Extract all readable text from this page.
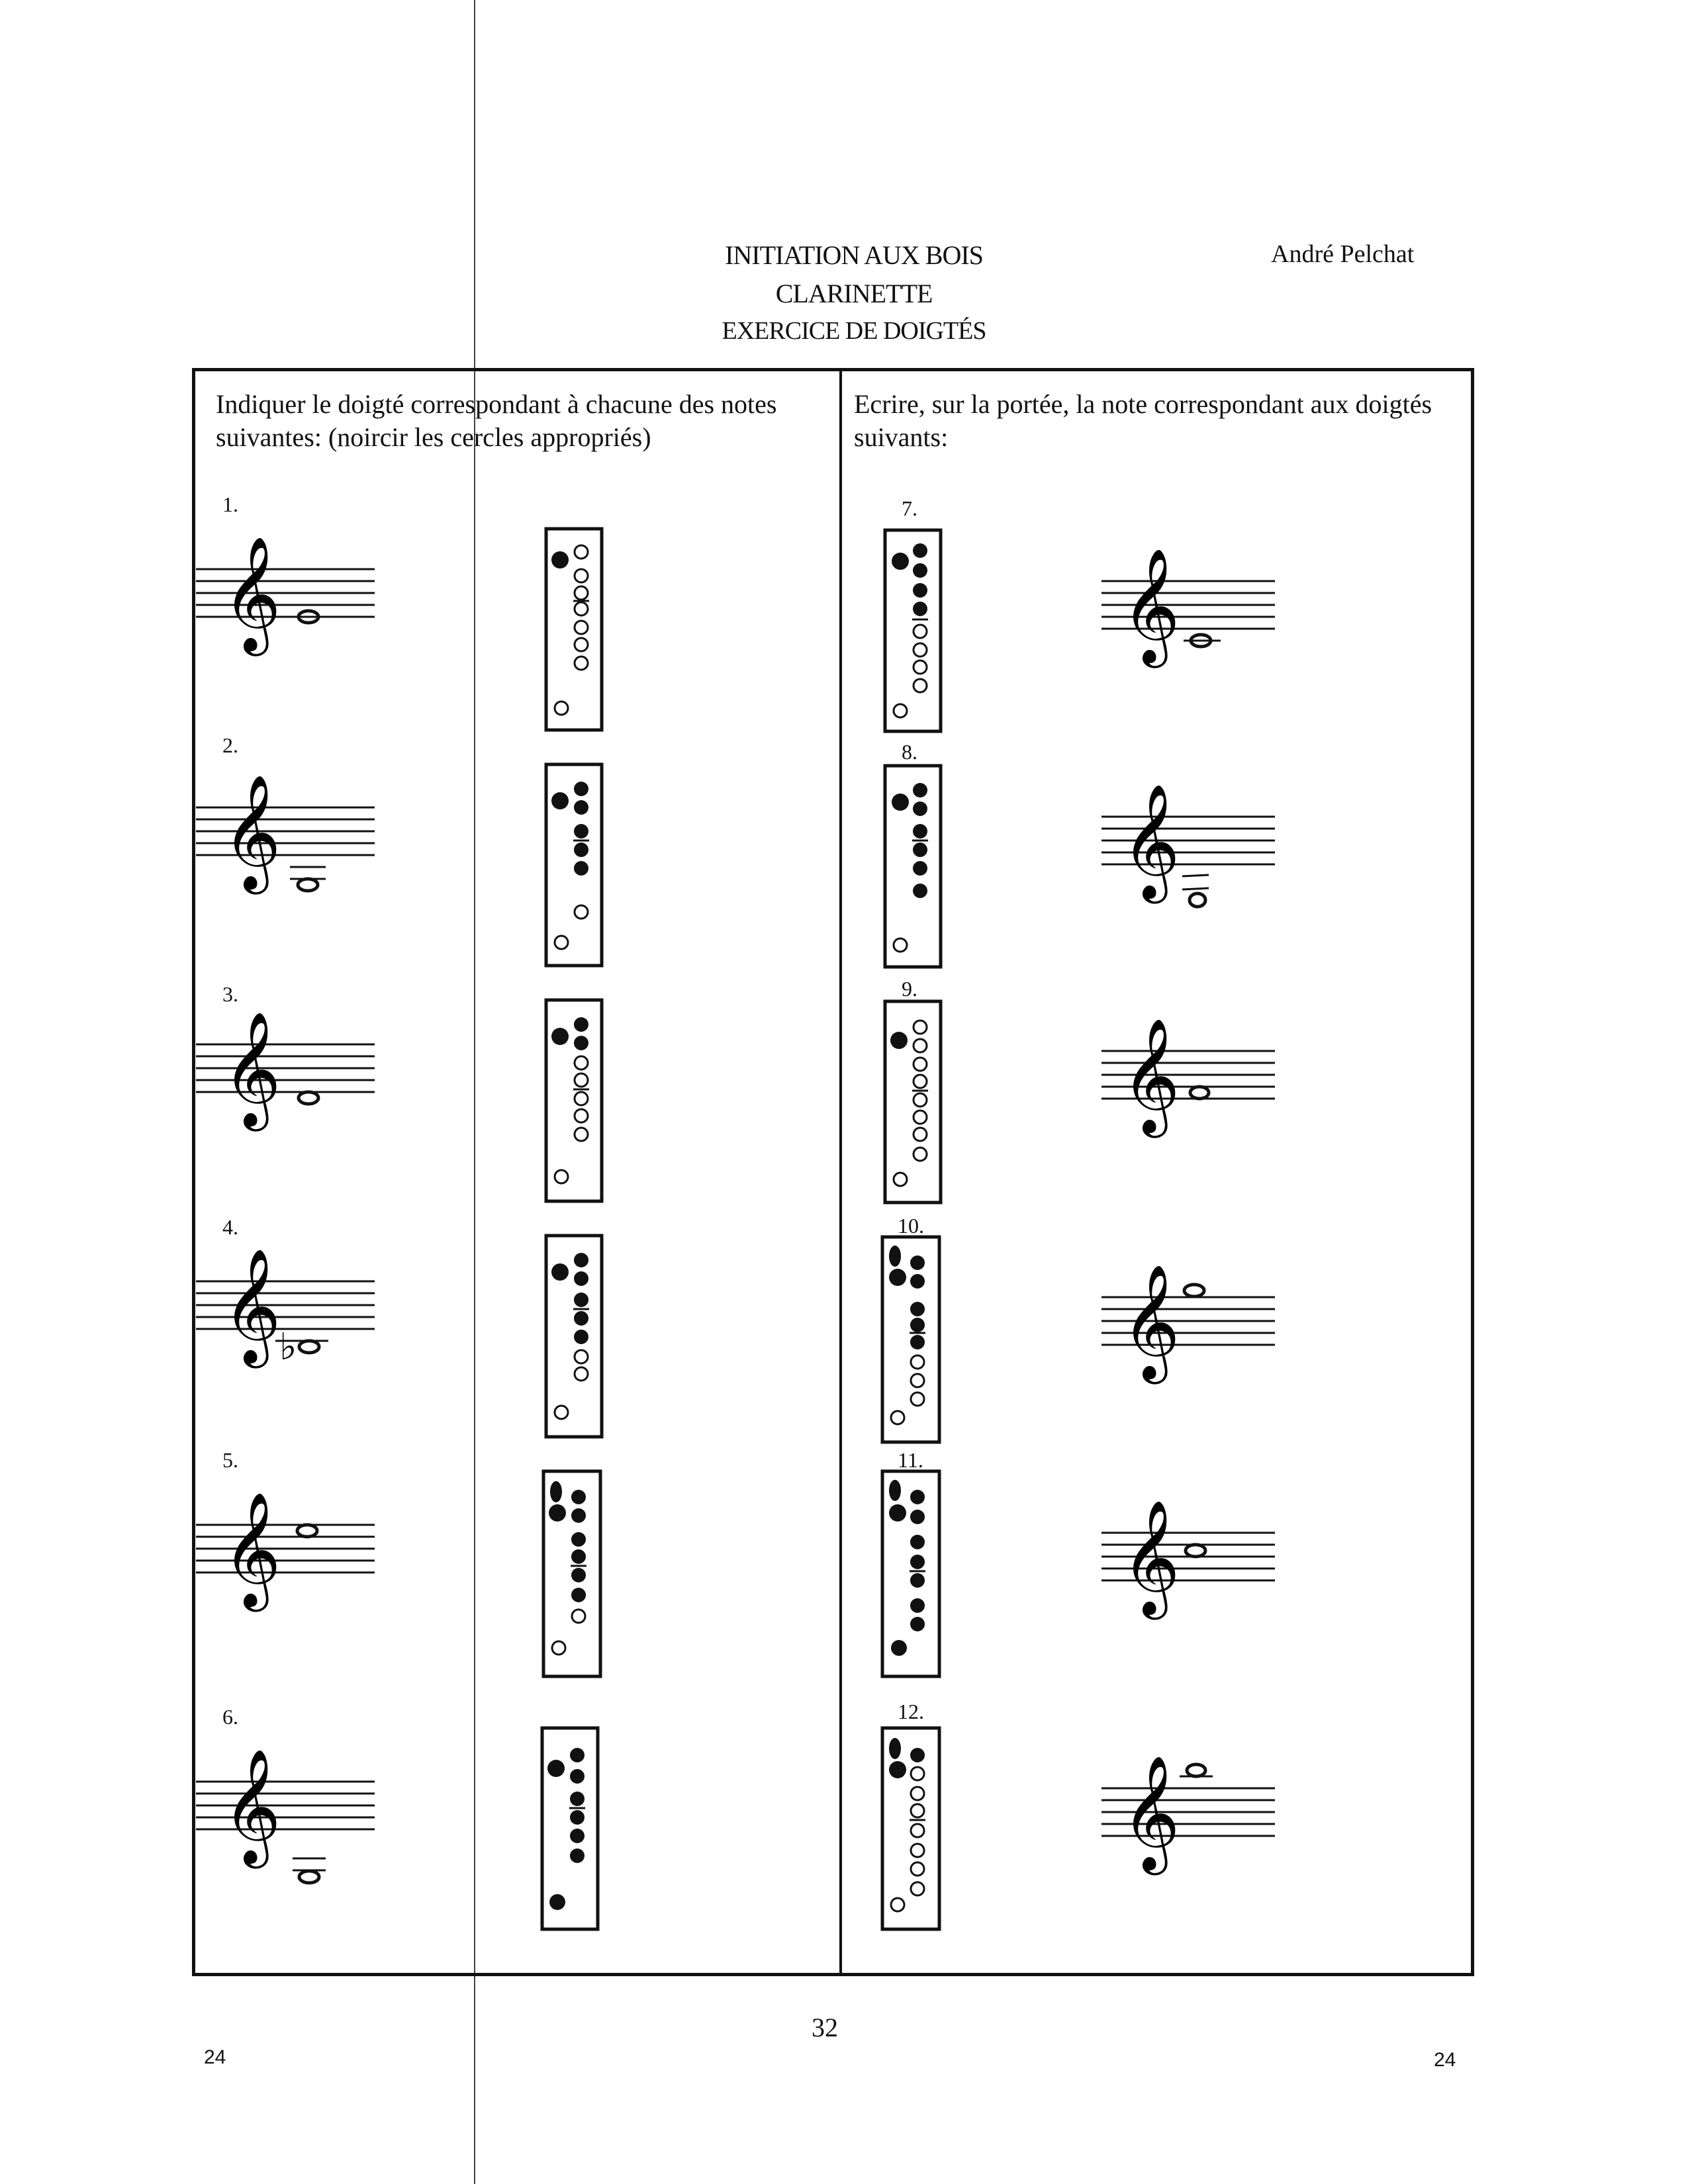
INITIATION AUX BOIS
CLARINETTE
EXERCICE DE DOIGTÉS
André Pelchat
Indiquer le doigté correspondant à chacune des notes
suivantes: (noircir les cercles appropriés)
Ecrire, sur la portée, la note correspondant aux doigtés
suivants:
1.
2.
3.
4.
5.
6.
7.
8.
9.
10.
11.
12.
32
24	24
𝄞
𝄞
𝄞
𝄞
♭
𝄞
𝄞
𝄞
𝄞
𝄞
𝄞
𝄞
𝄞
